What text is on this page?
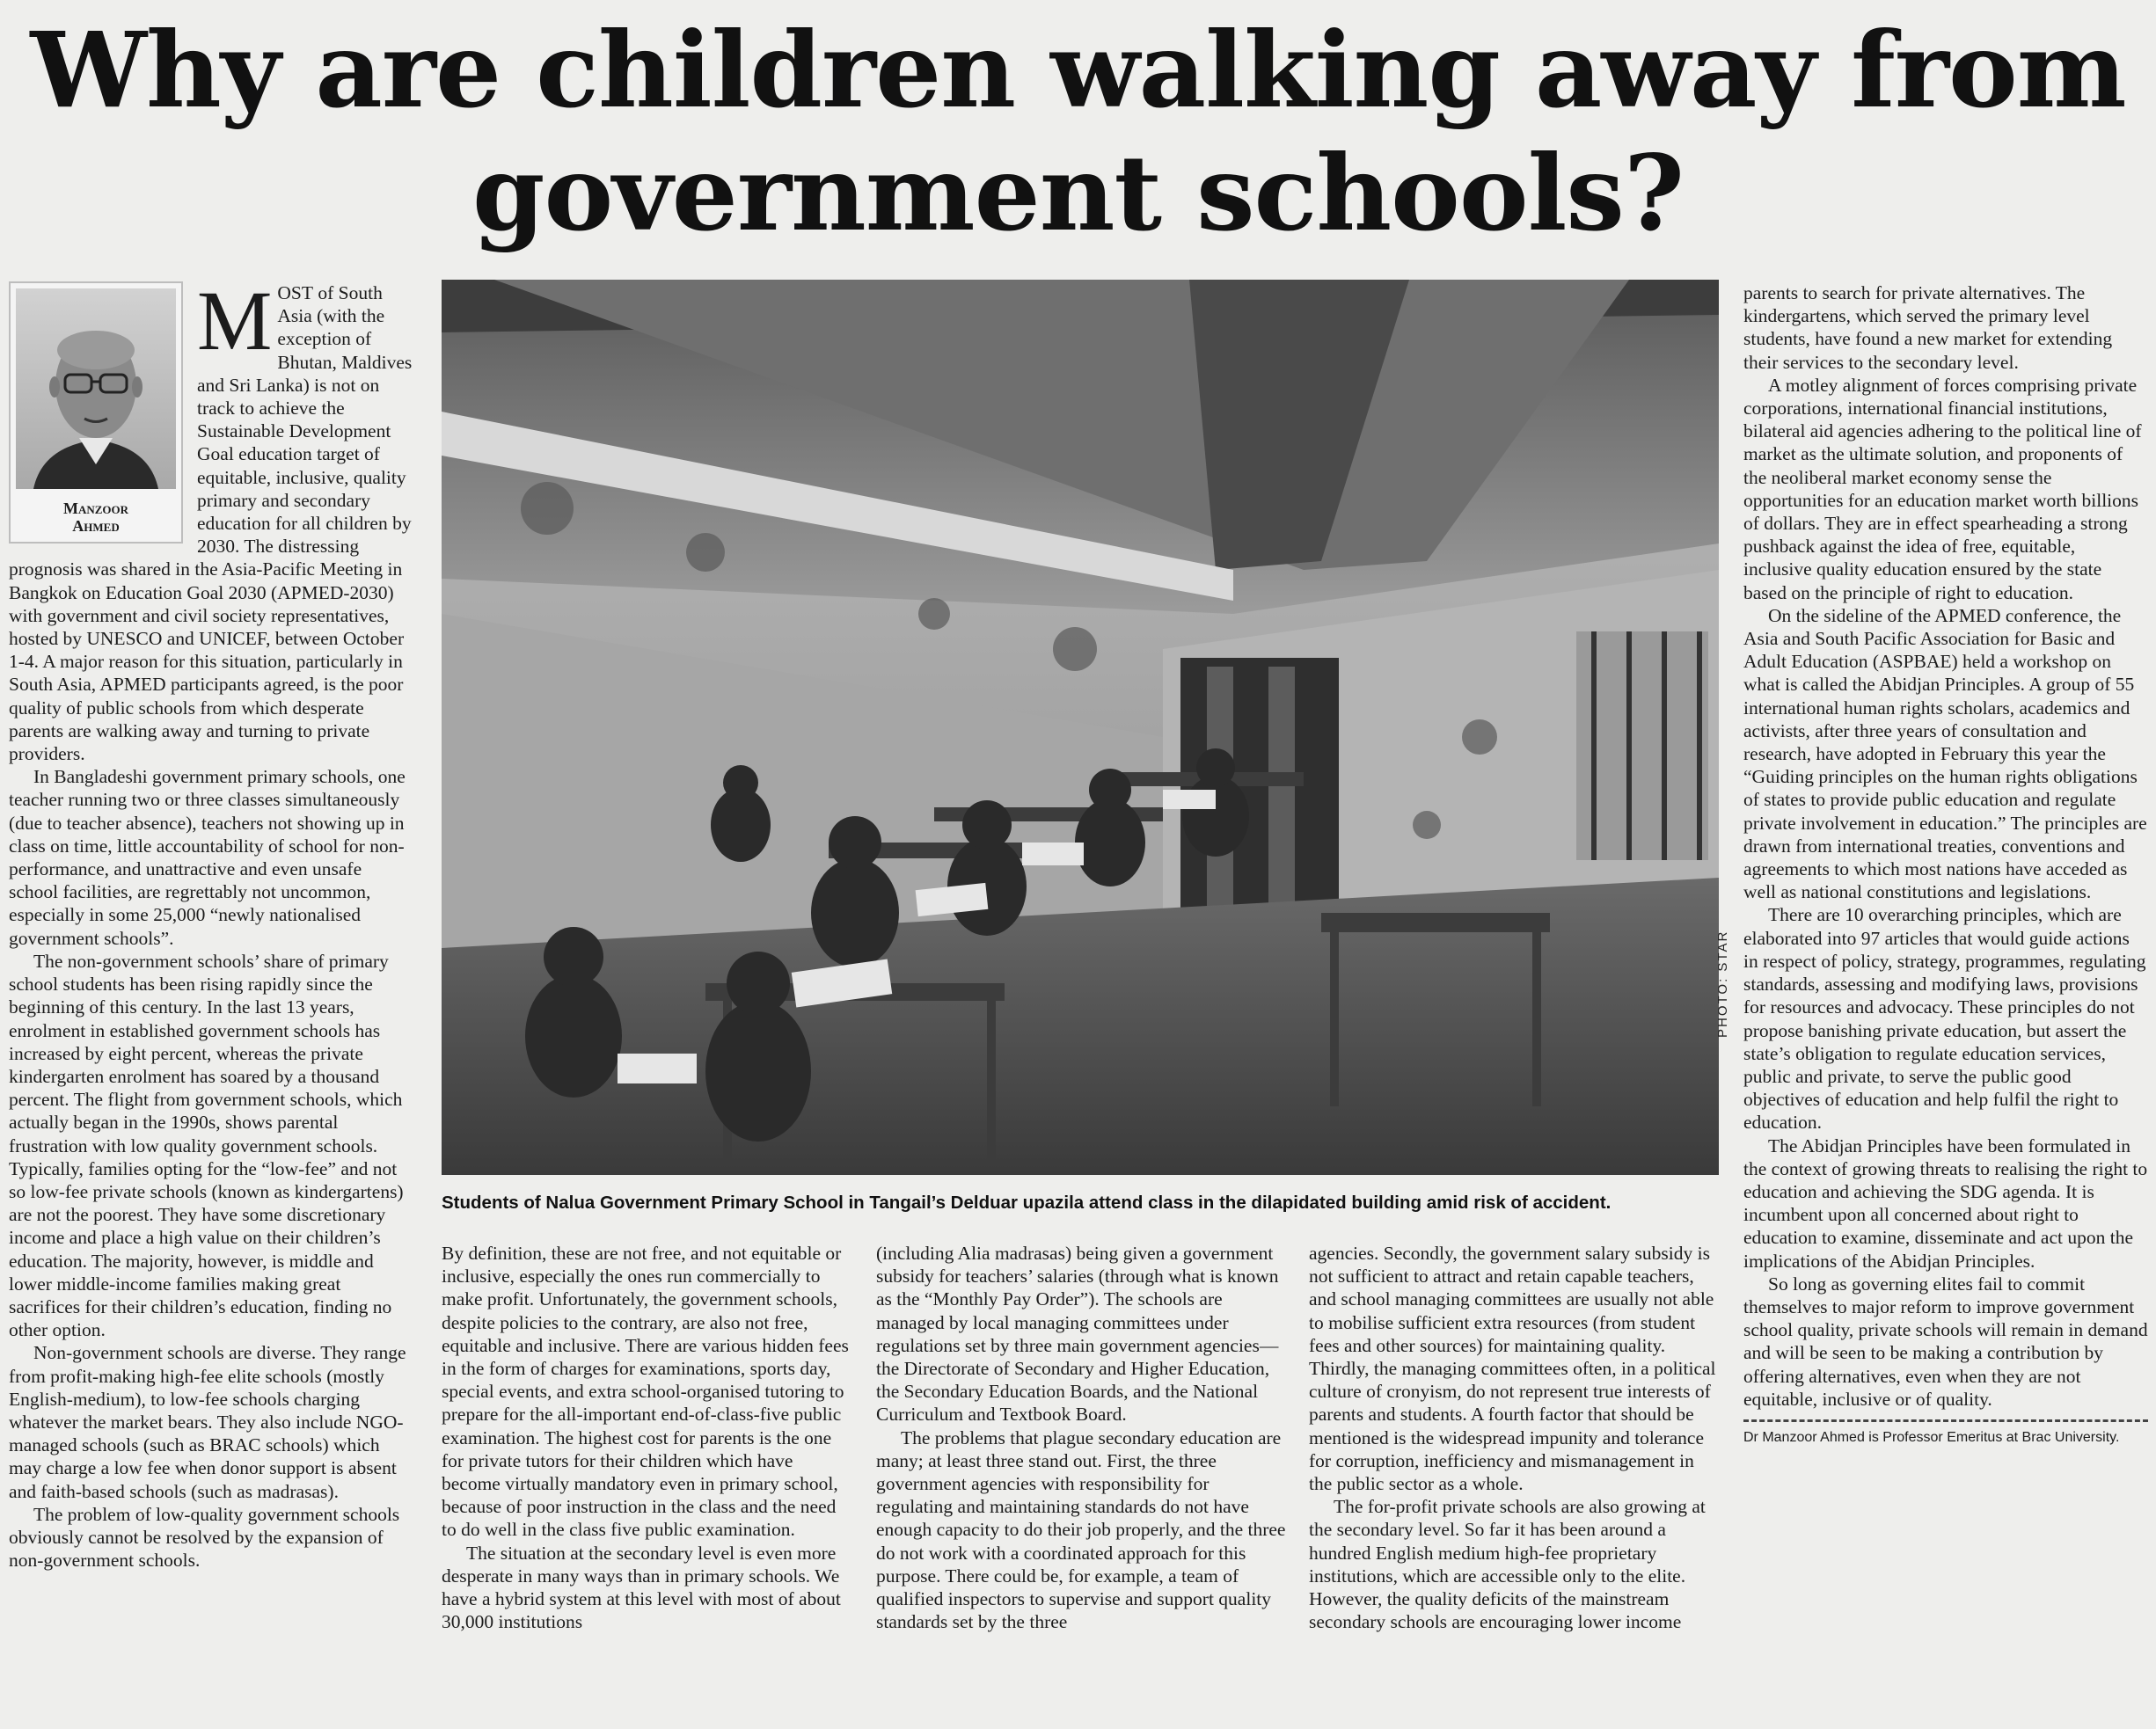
Why are children walking away from
government schools?
Manzoor
Ahmed

MOST of South Asia (with the exception of Bhutan, Maldives and Sri Lanka) is not on track to achieve the Sustainable Development Goal education target of equitable, inclusive, quality primary and secondary education for all children by 2030. The distressing prognosis was shared in the Asia-Pacific Meeting in Bangkok on Education Goal 2030 (APMED-2030) with government and civil society representatives, hosted by UNESCO and UNICEF, between October 1-4. A major reason for this situation, particularly in South Asia, APMED participants agreed, is the poor quality of public schools from which desperate parents are walking away and turning to private providers.

In Bangladeshi government primary schools, one teacher running two or three classes simultaneously (due to teacher absence), teachers not showing up in class on time, little accountability of school for non-performance, and unattractive and even unsafe school facilities, are regrettably not uncommon, especially in some 25,000 “newly nationalised government schools”.

The non-government schools’ share of primary school students has been rising rapidly since the beginning of this century. In the last 13 years, enrolment in established government schools has increased by eight percent, whereas the private kindergarten enrolment has soared by a thousand percent. The flight from government schools, which actually began in the 1990s, shows parental frustration with low quality government schools. Typically, families opting for the “low-fee” and not so low-fee private schools (known as kindergartens) are not the poorest. They have some discretionary income and place a high value on their children’s education. The majority, however, is middle and lower middle-income families making great sacrifices for their children’s education, finding no other option.

Non-government schools are diverse. They range from profit-making high-fee elite schools (mostly English-medium), to low-fee schools charging whatever the market bears. They also include NGO-managed schools (such as BRAC schools) which may charge a low fee when donor support is absent and faith-based schools (such as madrasas).

The problem of low-quality government schools obviously cannot be resolved by the expansion of non-government schools.

PHOTO: STAR
Students of Nalua Government Primary School in Tangail’s Delduar upazila attend class in the dilapidated building amid risk of accident.

By definition, these are not free, and not equitable or inclusive, especially the ones run commercially to make profit. Unfortunately, the government schools, despite policies to the contrary, are also not free, equitable and inclusive. There are various hidden fees in the form of charges for examinations, sports day, special events, and extra school-organised tutoring to prepare for the all-important end-of-class-five public examination. The highest cost for parents is the one for private tutors for their children which have become virtually mandatory even in primary school, because of poor instruction in the class and the need to do well in the class five public examination.

The situation at the secondary level is even more desperate in many ways than in primary schools. We have a hybrid system at this level with most of about 30,000 institutions

(including Alia madrasas) being given a government subsidy for teachers’ salaries (through what is known as the “Monthly Pay Order”). The schools are managed by local managing committees under regulations set by three main government agencies—the Directorate of Secondary and Higher Education, the Secondary Education Boards, and the National Curriculum and Textbook Board.

The problems that plague secondary education are many; at least three stand out. First, the three government agencies with responsibility for regulating and maintaining standards do not have enough capacity to do their job properly, and the three do not work with a coordinated approach for this purpose. There could be, for example, a team of qualified inspectors to supervise and support quality standards set by the three

agencies. Secondly, the government salary subsidy is not sufficient to attract and retain capable teachers, and school managing committees are usually not able to mobilise sufficient extra resources (from student fees and other sources) for maintaining quality. Thirdly, the managing committees often, in a political culture of cronyism, do not represent true interests of parents and students. A fourth factor that should be mentioned is the widespread impunity and tolerance for corruption, inefficiency and mismanagement in the public sector as a whole.

The for-profit private schools are also growing at the secondary level. So far it has been around a hundred English medium high-fee proprietary institutions, which are accessible only to the elite. However, the quality deficits of the mainstream secondary schools are encouraging lower income

parents to search for private alternatives. The kindergartens, which served the primary level students, have found a new market for extending their services to the secondary level.

A motley alignment of forces comprising private corporations, international financial institutions, bilateral aid agencies adhering to the political line of market as the ultimate solution, and proponents of the neoliberal market economy sense the opportunities for an education market worth billions of dollars. They are in effect spearheading a strong pushback against the idea of free, equitable, inclusive quality education ensured by the state based on the principle of right to education.

On the sideline of the APMED conference, the Asia and South Pacific Association for Basic and Adult Education (ASPBAE) held a workshop on what is called the Abidjan Principles. A group of 55 international human rights scholars, academics and activists, after three years of consultation and research, have adopted in February this year the “Guiding principles on the human rights obligations of states to provide public education and regulate private involvement in education.” The principles are drawn from international treaties, conventions and agreements to which most nations have acceded as well as national constitutions and legislations.

There are 10 overarching principles, which are elaborated into 97 articles that would guide actions in respect of policy, strategy, programmes, regulating standards, assessing and modifying laws, provisions for resources and advocacy. These principles do not propose banishing private education, but assert the state’s obligation to regulate education services, public and private, to serve the public good objectives of education and help fulfil the right to education.

The Abidjan Principles have been formulated in the context of growing threats to realising the right to education and achieving the SDG agenda. It is incumbent upon all concerned about right to education to examine, disseminate and act upon the implications of the Abidjan Principles.

So long as governing elites fail to commit themselves to major reform to improve government school quality, private schools will remain in demand and will be seen to be making a contribution by offering alternatives, even when they are not equitable, inclusive or of quality.

Dr Manzoor Ahmed is Professor Emeritus at Brac University.
